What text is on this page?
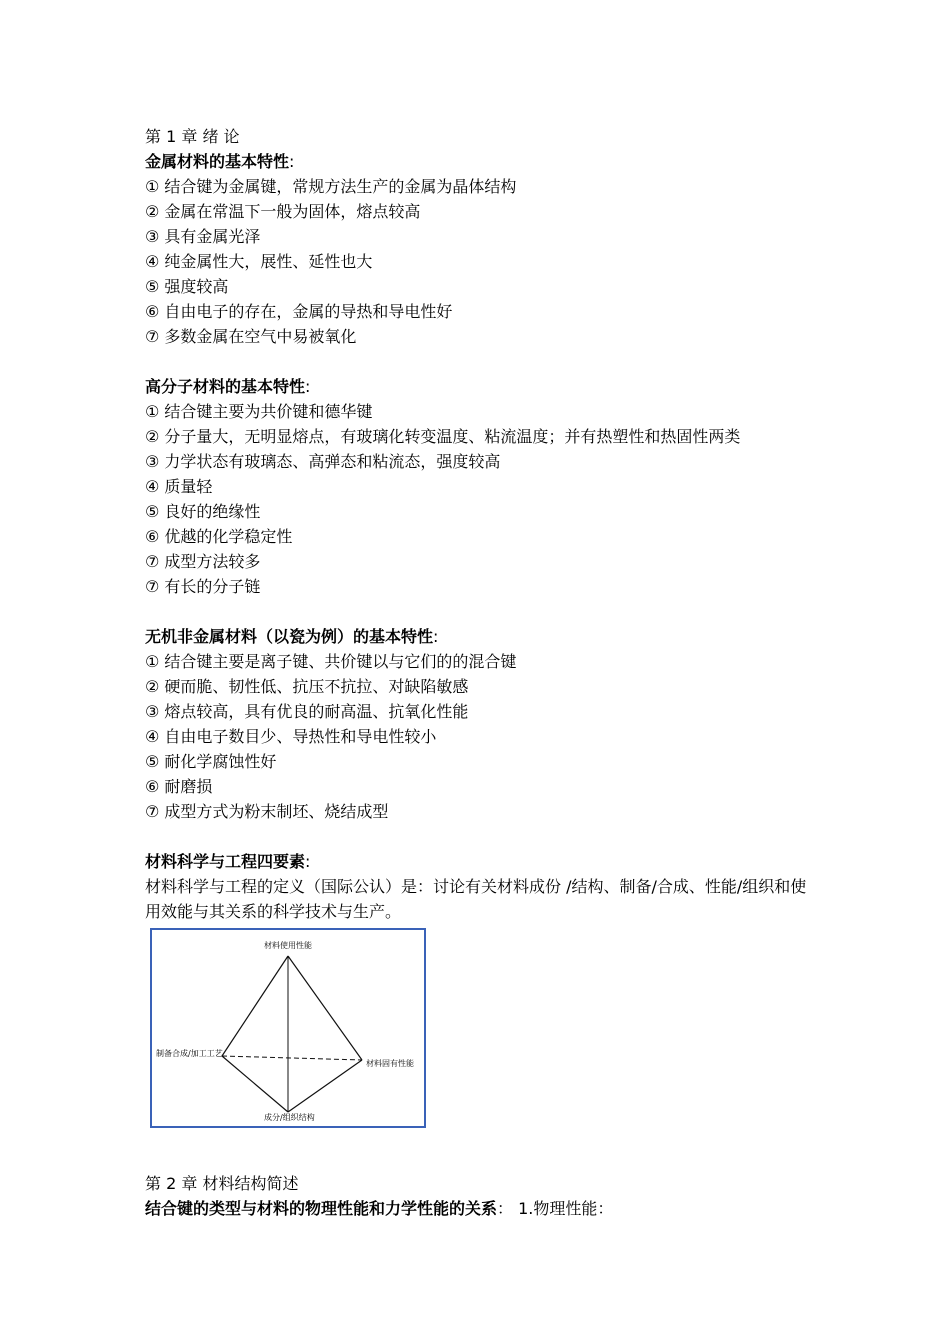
第 1 章 绪 论
金属材料的基本特性:
① 结合键为金属键，常规方法生产的金属为晶体结构
② 金属在常温下一般为固体，熔点较高
③ 具有金属光泽
④ 纯金属性大，展性、延性也大
⑤ 强度较高
⑥ 自由电子的存在，金属的导热和导电性好
⑦ 多数金属在空气中易被氧化
高分子材料的基本特性:
① 结合键主要为共价键和德华键
② 分子量大，无明显熔点，有玻璃化转变温度、粘流温度；并有热塑性和热固性两类
③ 力学状态有玻璃态、高弹态和粘流态，强度较高
④ 质量轻
⑤ 良好的绝缘性
⑥ 优越的化学稳定性
⑦ 成型方法较多
⑦ 有长的分子链
无机非金属材料（以瓷为例）的基本特性:
① 结合键主要是离子键、共价键以与它们的的混合键
② 硬而脆、韧性低、抗压不抗拉、对缺陷敏感
③ 熔点较高，具有优良的耐高温、抗氧化性能
④ 自由电子数目少、导热性和导电性较小
⑤ 耐化学腐蚀性好
⑥ 耐磨损
⑦ 成型方式为粉末制坯、烧结成型
材料科学与工程四要素:
材料科学与工程的定义（国际公认）是：讨论有关材料成份 /结构、制备/合成、性能/组织和使用效能与其关系的科学技术与生产。
材料使用性能
制备合成/加工工艺
材料固有性能
成分/组织结构
第 2 章 材料结构简述
结合键的类型与材料的物理性能和力学性能的关系： 1.物理性能：
